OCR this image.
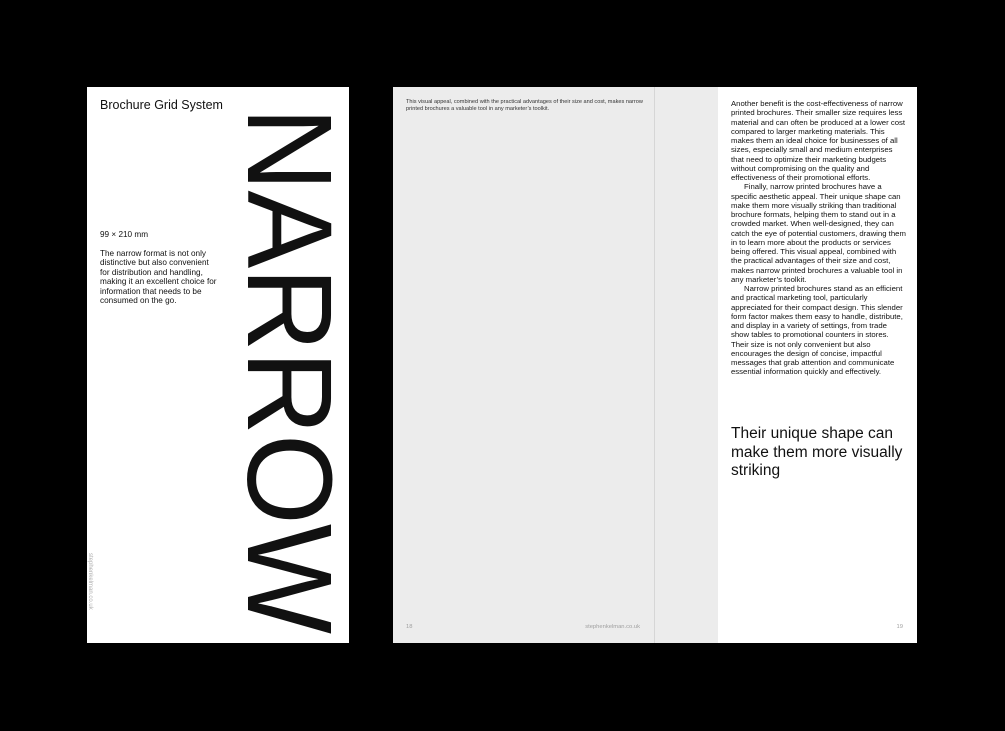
Brochure Grid System
99 × 210 mm
The narrow format is not only distinctive but also convenient for distribution and handling, making it an excellent choice for information that needs to be consumed on the go.
stephenkelman.co.uk NARROW
This visual appeal, combined with the practical advantages of their size and cost, makes narrow printed brochures a valuable tool in any marketer’s toolkit.
18	stephenkelman.co.uk

Another benefit is the cost-effectiveness of narrow printed brochures. Their smaller size requires less material and can often be produced at a lower cost compared to larger marketing materials. This makes them an ideal choice for businesses of all sizes, especially small and medium enterprises that need to optimize their marketing budgets without compromising on the quality and effectiveness of their promotional efforts.

Finally, narrow printed brochures have a specific aesthetic appeal. Their unique shape can make them more visually striking than traditional brochure formats, helping them to stand out in a crowded market. When well-designed, they can catch the eye of potential customers, drawing them in to learn more about the products or services being offered. This visual appeal, combined with the practical advantages of their size and cost, makes narrow printed brochures a valuable tool in any marketer’s toolkit.

Narrow printed brochures stand as an efficient and practical marketing tool, particularly appreciated for their compact design. This slender form factor makes them easy to handle, distribute, and display in a variety of settings, from trade show tables to promotional counters in stores. Their size is not only convenient but also encourages the design of concise, impactful messages that grab attention and communicate essential information quickly and effectively.

Their unique shape can make them more visually striking
19
